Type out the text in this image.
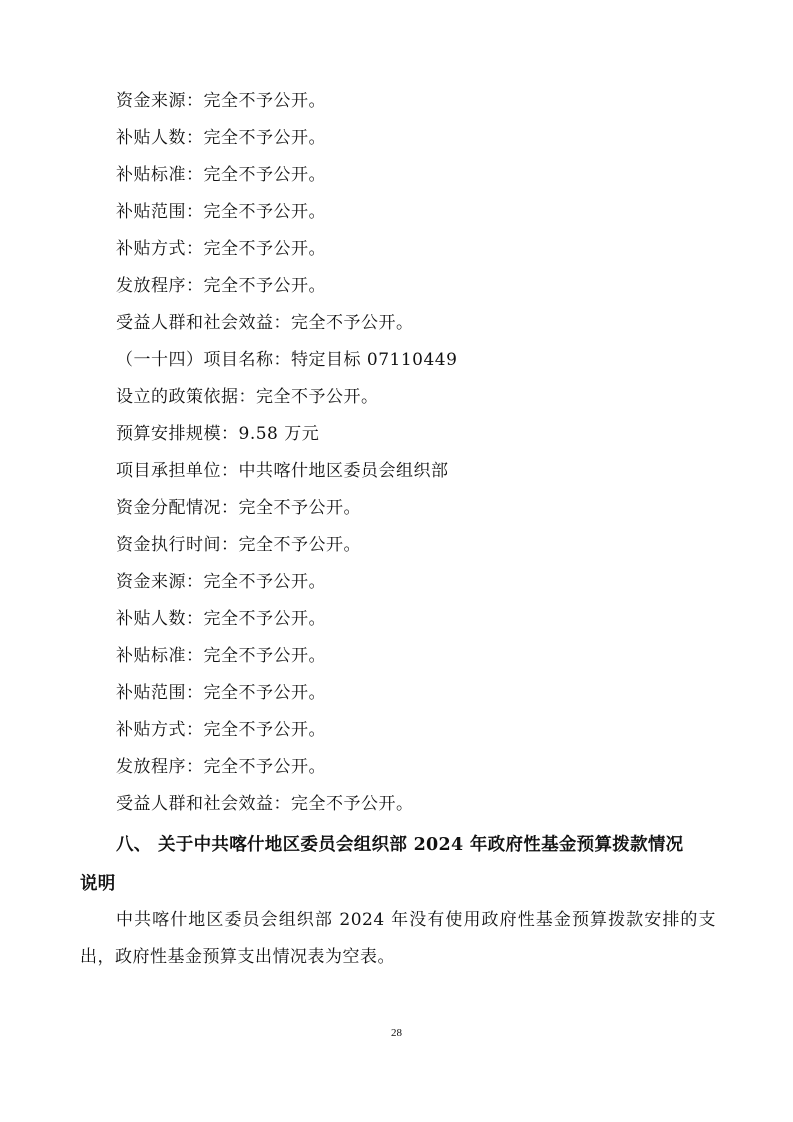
资金来源：完全不予公开。
补贴人数：完全不予公开。
补贴标准：完全不予公开。
补贴范围：完全不予公开。
补贴方式：完全不予公开。
发放程序：完全不予公开。
受益人群和社会效益：完全不予公开。
（一十四）项目名称：特定目标 07110449
设立的政策依据：完全不予公开。
预算安排规模：9.58 万元
项目承担单位：中共喀什地区委员会组织部
资金分配情况：完全不予公开。
资金执行时间：完全不予公开。
资金来源：完全不予公开。
补贴人数：完全不予公开。
补贴标准：完全不予公开。
补贴范围：完全不予公开。
补贴方式：完全不予公开。
发放程序：完全不予公开。
受益人群和社会效益：完全不予公开。
八、 关于中共喀什地区委员会组织部 2024 年政府性基金预算拨款情况
说明
中共喀什地区委员会组织部 2024 年没有使用政府性基金预算拨款安排的支出，政府性基金预算支出情况表为空表。
28
